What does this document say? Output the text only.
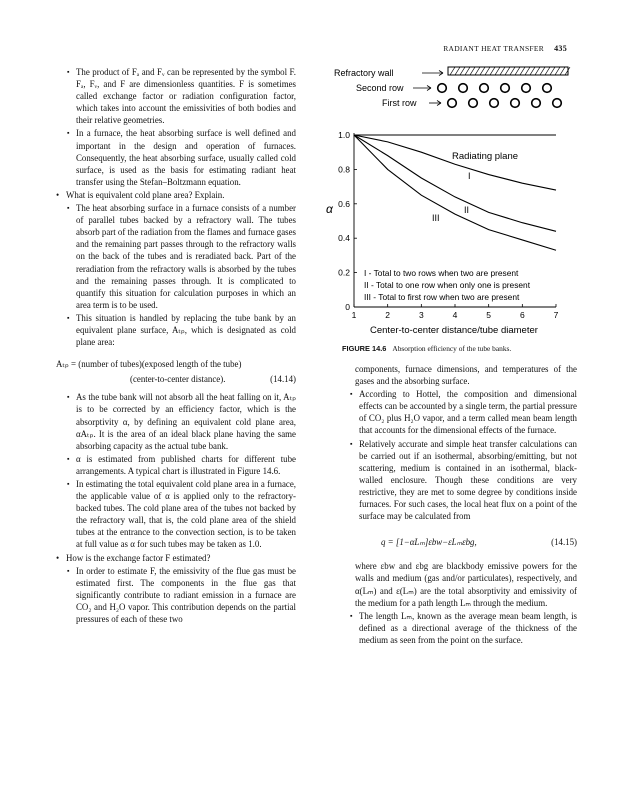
RADIANT HEAT TRANSFER 435

▪ The product of Fₐ and Fᵥ can be represented by the symbol F. Fₐ, Fᵥ, and F are dimensionless quantities. F is sometimes called exchange factor or radiation configuration factor, which takes into account the emissivities of both bodies and their relative geometries.

▪ In a furnace, the heat absorbing surface is well defined and important in the design and operation of furnaces. Consequently, the heat absorbing surface, usually called cold surface, is used as the basis for estimating radiant heat transfer using the Stefan–Boltzmann equation.

• What is equivalent cold plane area? Explain.

▪ The heat absorbing surface in a furnace consists of a number of parallel tubes backed by a refractory wall. The tubes absorb part of the radiation from the flames and furnace gases and the remaining part passes through to the refractory walls on the back of the tubes and is reradiated back. Part of the reradiation from the refractory walls is absorbed by the tubes and the remaining passes through. It is complicated to quantify this situation for calculation purposes in which an area term is to be used.

▪ This situation is handled by replacing the tube bank by an equivalent plane surface, Aₜₚ, which is designated as cold plane area:

Aₜₚ = (number of tubes)(exposed length of the tube)
(center-to-center distance).	(14.14)

▪ As the tube bank will not absorb all the heat falling on it, Aₜₚ is to be corrected by an efficiency factor, which is the absorptivity α, by defining an equivalent cold plane area, αAₜₚ. It is the area of an ideal black plane having the same absorbing capacity as the actual tube bank.

▪ α is estimated from published charts for different tube arrangements. A typical chart is illustrated in Figure 14.6.

▪ In estimating the total equivalent cold plane area in a furnace, the applicable value of α is applied only to the refractory-backed tubes. The cold plane area of the tubes not backed by the refractory wall, that is, the cold plane area of the shield tubes at the entrance to the convection section, is to be taken at full value as α for such tubes may be taken as 1.0.

• How is the exchange factor F estimated?

▪ In order to estimate F, the emissivity of the flue gas must be estimated first. The components in the flue gas that significantly contribute to radiant emission in a furnace are CO₂ and H₂O vapor. This contribution depends on the partial pressures of each of these two

Refractory wall
Second row
First row
α
0
0.2
0.4
0.6
0.8
1.0
1	2	3	4	5	6	7
Radiating plane
I
II
III
I - Total to two rows when two are present
II - Total to one row when only one is present
III - Total to first row when two are present
Center-to-center distance/tube diameter
FIGURE 14.6 Absorption efficiency of the tube banks.

components, furnace dimensions, and temperatures of the gases and the absorbing surface.

▪ According to Hottel, the composition and dimensional effects can be accounted by a single term, the partial pressure of CO₂ plus H₂O vapor, and a term called mean beam length that accounts for the dimensional effects of the furnace.

▪ Relatively accurate and simple heat transfer calculations can be carried out if an isothermal, absorbing/emitting, but not scattering, medium is contained in an isothermal, black-walled enclosure. Though these conditions are very restrictive, they are met to some degree by conditions inside furnaces. For such cases, the local heat flux on a point of the surface may be calculated from

q = [1−αLₘ]εbw−εLₘεbg,	(14.15)

where εbw and εbg are blackbody emissive powers for the walls and medium (gas and/or particulates), respectively, and α(Lₘ) and ε(Lₘ) are the total absorptivity and emissivity of the medium for a path length Lₘ through the medium.

▪ The length Lₘ, known as the average mean beam length, is defined as a directional average of the thickness of the medium as seen from the point on the surface.
